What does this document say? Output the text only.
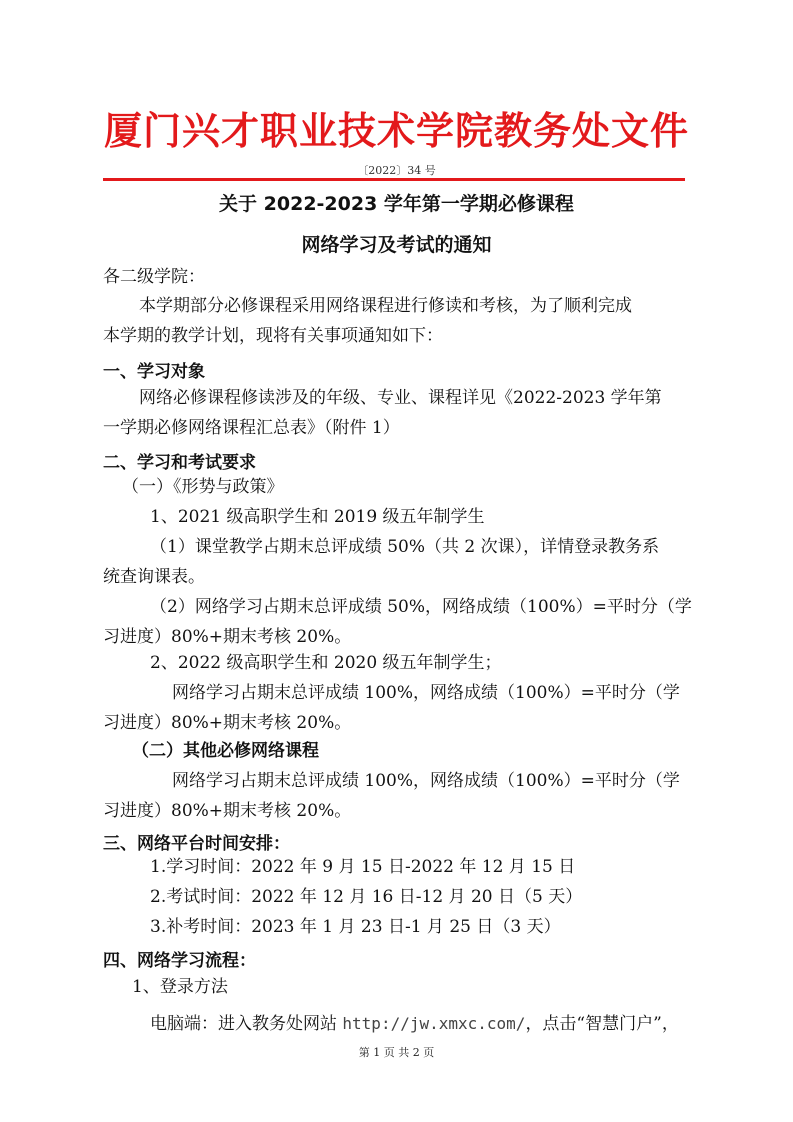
厦门兴才职业技术学院教务处文件
〔2022〕34 号
关于 2022-2023 学年第一学期必修课程
网络学习及考试的通知
各二级学院：
本学期部分必修课程采用网络课程进行修读和考核，为了顺利完成
本学期的教学计划，现将有关事项通知如下：
一、学习对象
网络必修课程修读涉及的年级、专业、课程详见《2022-2023 学年第
一学期必修网络课程汇总表》（附件 1）
二、学习和考试要求
（一）《形势与政策》
1、2021 级高职学生和 2019 级五年制学生
（1）课堂教学占期末总评成绩 50%（共 2 次课），详情登录教务系
统查询课表。
（2）网络学习占期末总评成绩 50%，网络成绩（100%）=平时分（学
习进度）80%+期末考核 20%。
2、2022 级高职学生和 2020 级五年制学生；
网络学习占期末总评成绩 100%，网络成绩（100%）=平时分（学
习进度）80%+期末考核 20%。
（二）其他必修网络课程
网络学习占期末总评成绩 100%，网络成绩（100%）=平时分（学
习进度）80%+期末考核 20%。
三、网络平台时间安排：
1.学习时间：2022 年 9 月 15 日-2022 年 12 月 15 日
2.考试时间：2022 年 12 月 16 日-12 月 20 日（5 天）
3.补考时间：2023 年 1 月 23 日-1 月 25 日（3 天）
四、网络学习流程：
1、登录方法
电脑端：进入教务处网站 http://jw.xmxc.com/，点击“智慧门户”，
第 1 页 共 2 页
